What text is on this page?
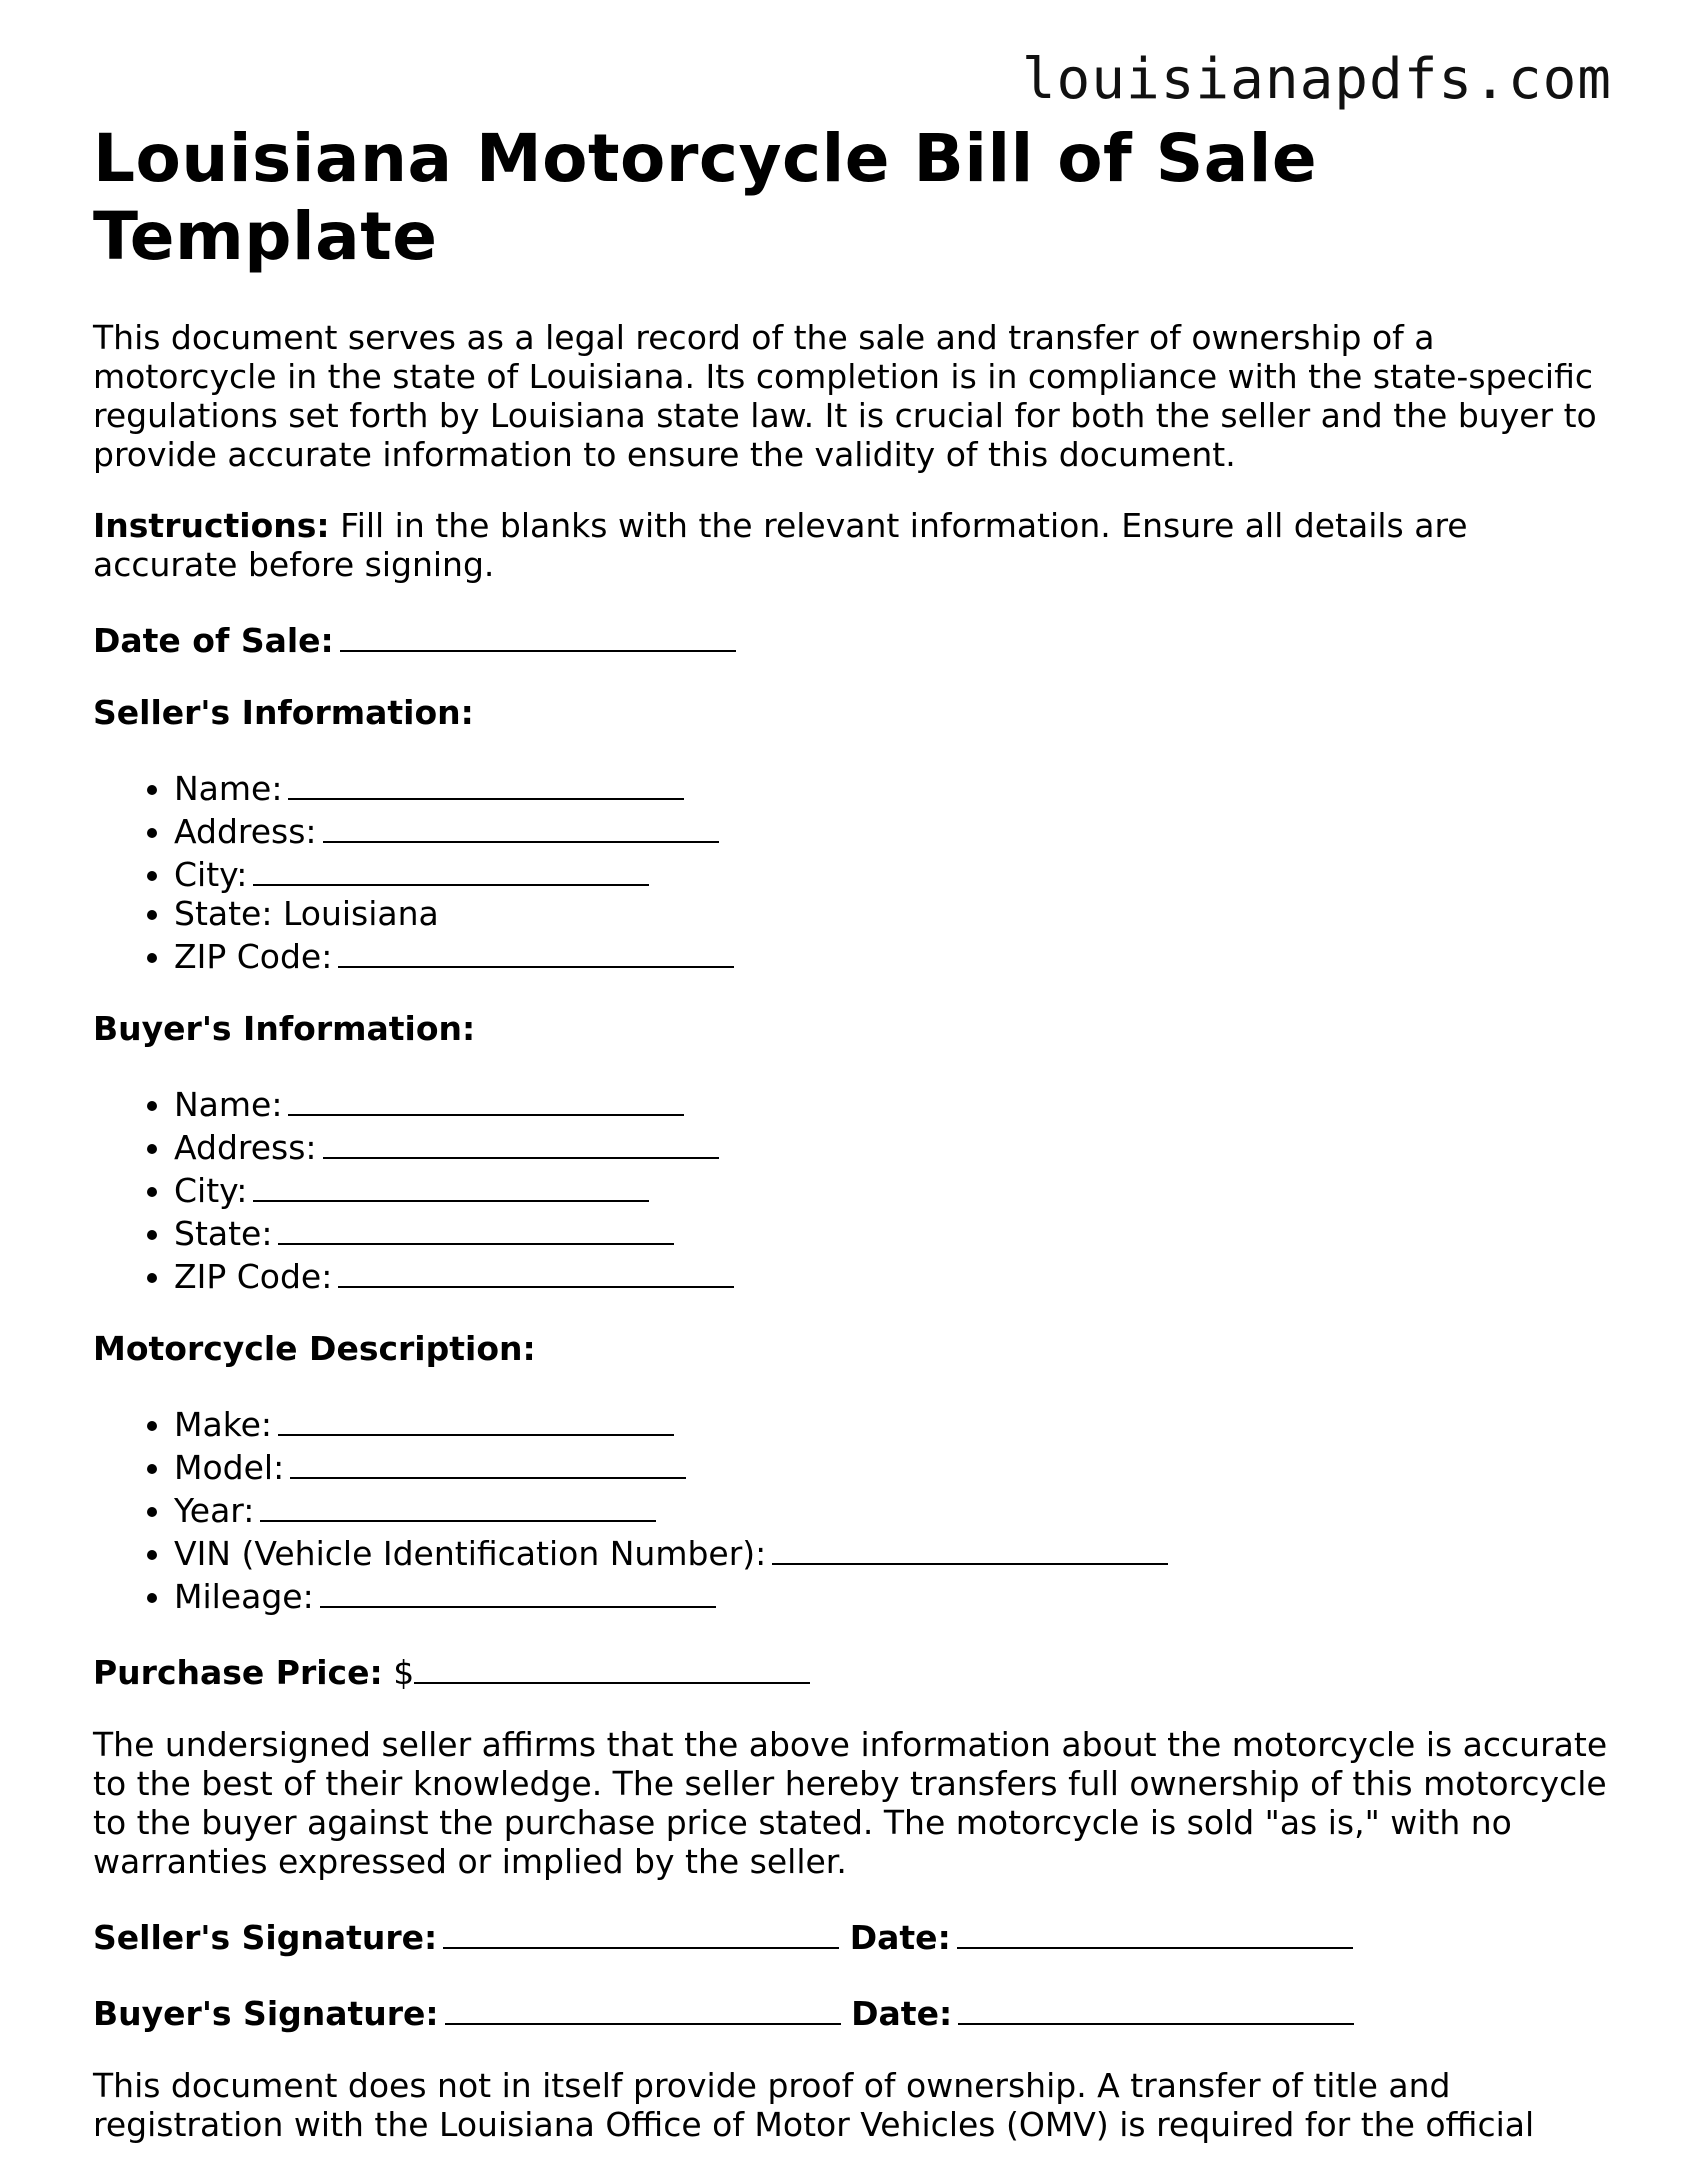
louisianapdfs.com
Louisiana Motorcycle Bill of Sale Template

This document serves as a legal record of the sale and transfer of ownership of a motorcycle in the state of Louisiana. Its completion is in compliance with the state-specific regulations set forth by Louisiana state law. It is crucial for both the seller and the buyer to provide accurate information to ensure the validity of this document.

Instructions: Fill in the blanks with the relevant information. Ensure all details are accurate before signing.

Date of Sale:

Seller's Information:

• Name:
• Address:
• City:
• State: Louisiana
• ZIP Code:

Buyer's Information:

• Name:
• Address:
• City:
• State:
• ZIP Code:

Motorcycle Description:

• Make:
• Model:
• Year:
• VIN (Vehicle Identification Number):
• Mileage:

Purchase Price: $

The undersigned seller affirms that the above information about the motorcycle is accurate to the best of their knowledge. The seller hereby transfers full ownership of this motorcycle to the buyer against the purchase price stated. The motorcycle is sold "as is," with no warranties expressed or implied by the seller.

Seller's Signature:	Date:

Buyer's Signature:	Date:

This document does not in itself provide proof of ownership. A transfer of title and registration with the Louisiana Office of Motor Vehicles (OMV) is required for the official
